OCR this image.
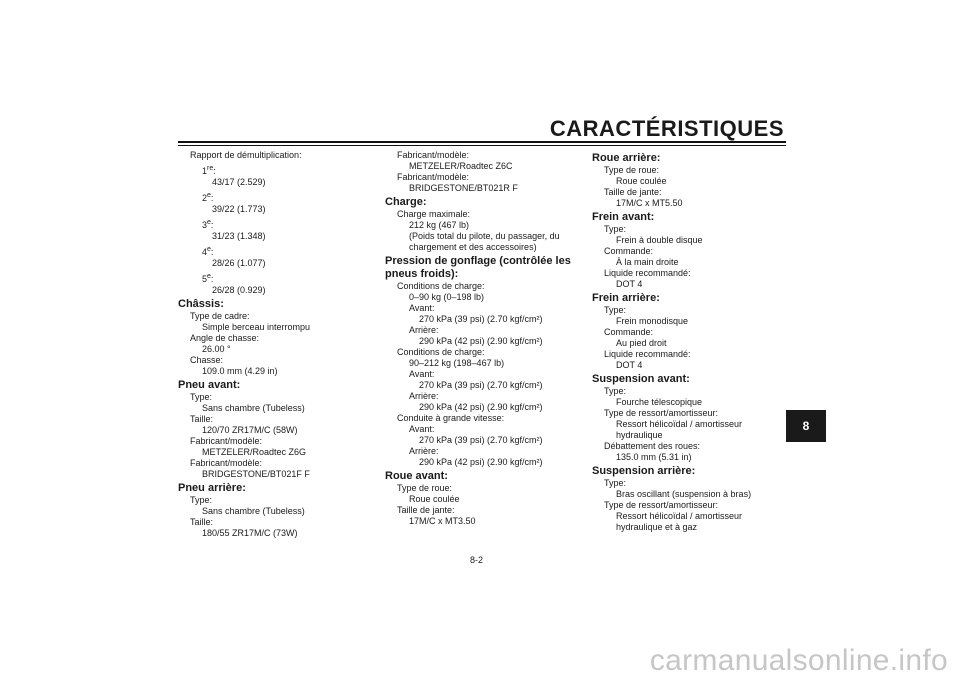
CARACTÉRISTIQUES
Rapport de démultiplication:
1re:
43/17 (2.529)
2e:
39/22 (1.773)
3e:
31/23 (1.348)
4e:
28/26 (1.077)
5e:
26/28 (0.929)
Châssis:
Type de cadre:
Simple berceau interrompu
Angle de chasse:
26.00 °
Chasse:
109.0 mm (4.29 in)
Pneu avant:
Type:
Sans chambre (Tubeless)
Taille:
120/70 ZR17M/C (58W)
Fabricant/modèle:
METZELER/Roadtec Z6G
Fabricant/modèle:
BRIDGESTONE/BT021F F
Pneu arrière:
Type:
Sans chambre (Tubeless)
Taille:
180/55 ZR17M/C (73W)
Fabricant/modèle:
METZELER/Roadtec Z6C
Fabricant/modèle:
BRIDGESTONE/BT021R F
Charge:
Charge maximale:
212 kg (467 lb)
(Poids total du pilote, du passager, du
chargement et des accessoires)
Pression de gonflage (contrôlée les pneus froids):
Conditions de charge:
0–90 kg (0–198 lb)
Avant:
270 kPa (39 psi) (2.70 kgf/cm²)
Arrière:
290 kPa (42 psi) (2.90 kgf/cm²)
Conditions de charge:
90–212 kg (198–467 lb)
Avant:
270 kPa (39 psi) (2.70 kgf/cm²)
Arrière:
290 kPa (42 psi) (2.90 kgf/cm²)
Conduite à grande vitesse:
Avant:
270 kPa (39 psi) (2.70 kgf/cm²)
Arrière:
290 kPa (42 psi) (2.90 kgf/cm²)
Roue avant:
Type de roue:
Roue coulée
Taille de jante:
17M/C x MT3.50
Roue arrière:
Type de roue:
Roue coulée
Taille de jante:
17M/C x MT5.50
Frein avant:
Type:
Frein à double disque
Commande:
À la main droite
Liquide recommandé:
DOT 4
Frein arrière:
Type:
Frein monodisque
Commande:
Au pied droit
Liquide recommandé:
DOT 4
Suspension avant:
Type:
Fourche télescopique
Type de ressort/amortisseur:
Ressort hélicoïdal / amortisseur
hydraulique
Débattement des roues:
135.0 mm (5.31 in)
Suspension arrière:
Type:
Bras oscillant (suspension à bras)
Type de ressort/amortisseur:
Ressort hélicoïdal / amortisseur
hydraulique et à gaz
8-2
8
carmanualsonline.info
